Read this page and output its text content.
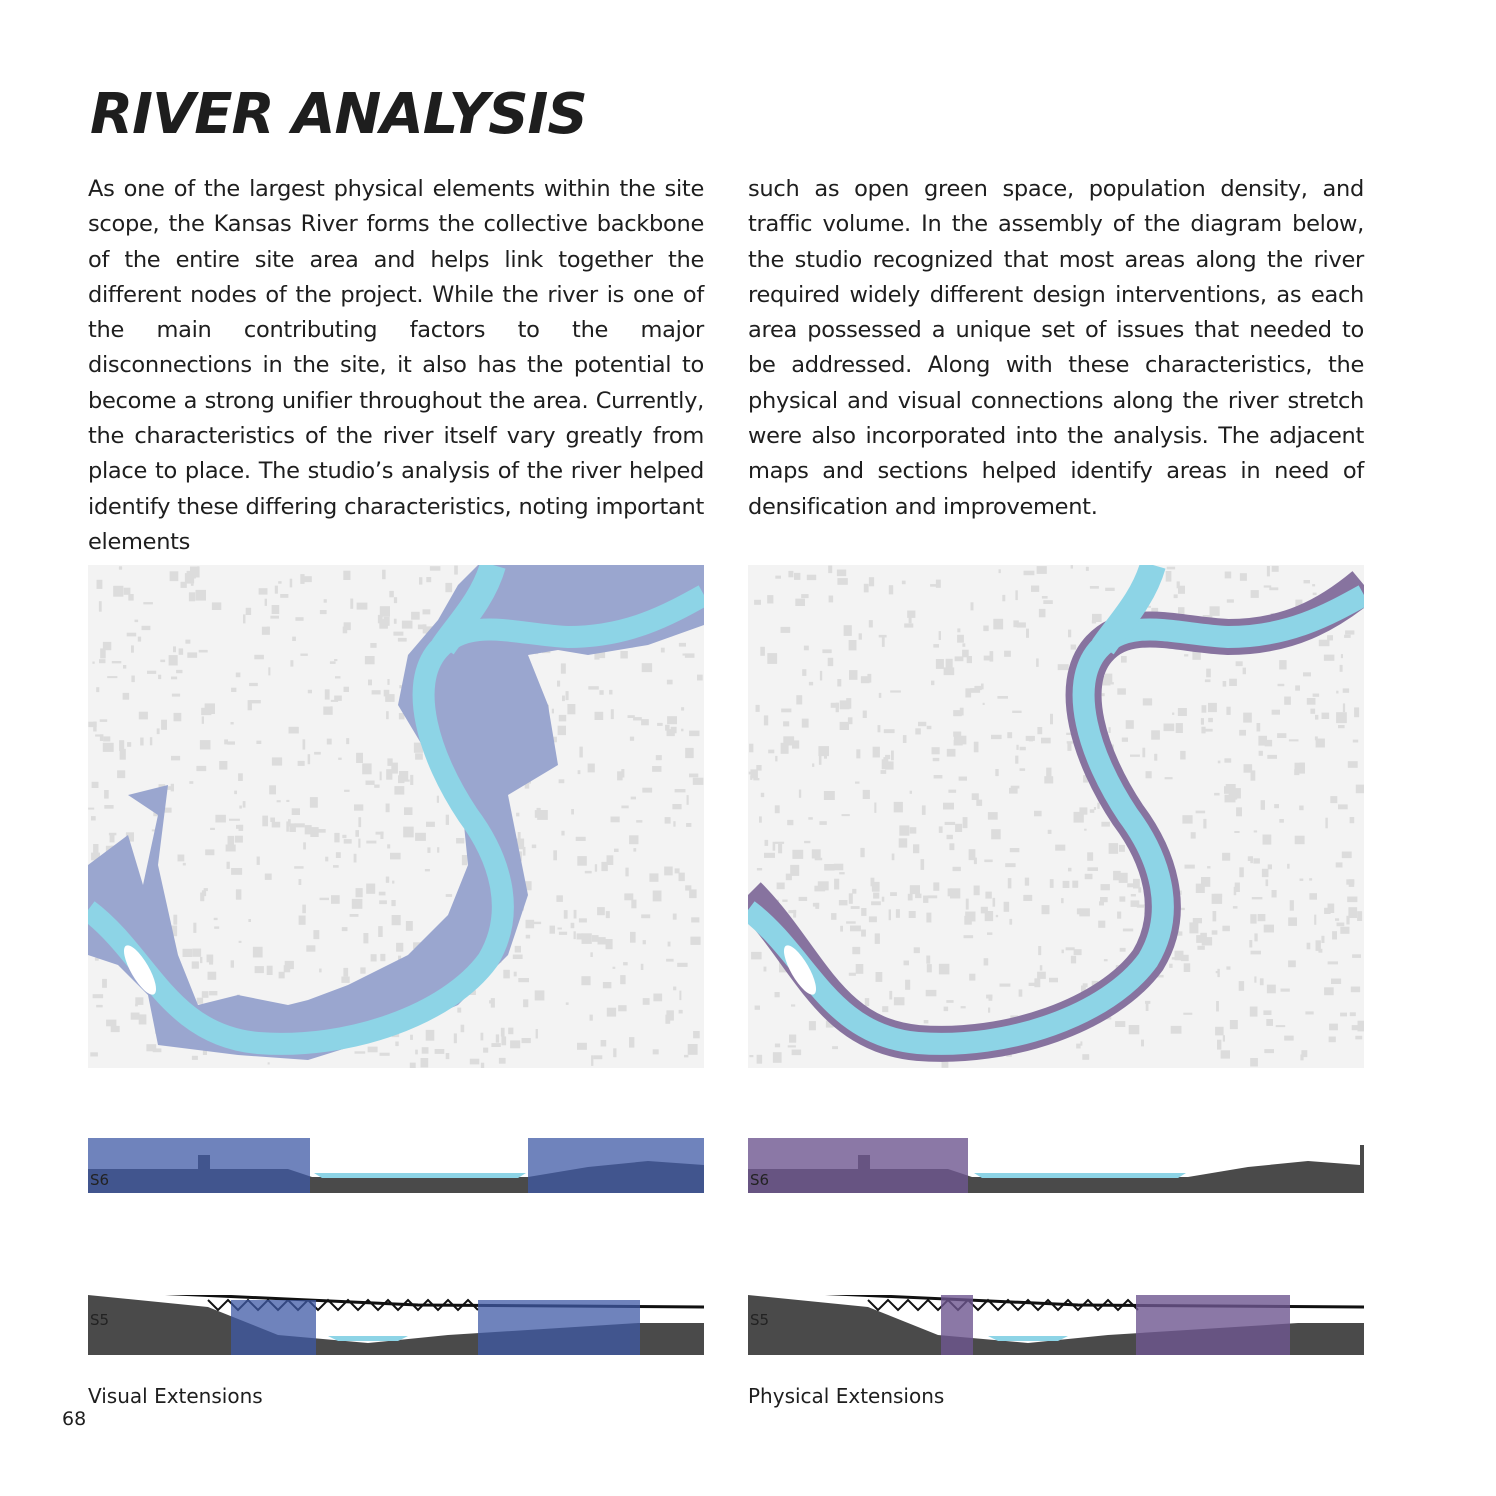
RIVER ANALYSIS

As one of the largest physical elements within the site scope, the Kansas River forms the collective backbone of the entire site area and helps link together the different nodes of the project. While the river is one of the main contributing factors to the major disconnections in the site, it also has the potential to become a strong unifier throughout the area. Currently, the characteristics of the river itself vary greatly from place to place. The studio’s analysis of the river helped identify these differing characteristics, noting important elements

such as open green space, population density, and traffic volume. In the assembly of the diagram below, the studio recognized that most areas along the river required widely different design interventions, as each area possessed a unique set of issues that needed to be addressed. Along with these characteristics, the physical and visual connections along the river stretch were also incorporated into the analysis. The adjacent maps and sections helped identify areas in need of densification and improvement.

S6
S5
S6
S5
Visual Extensions	Physical Extensions
68
